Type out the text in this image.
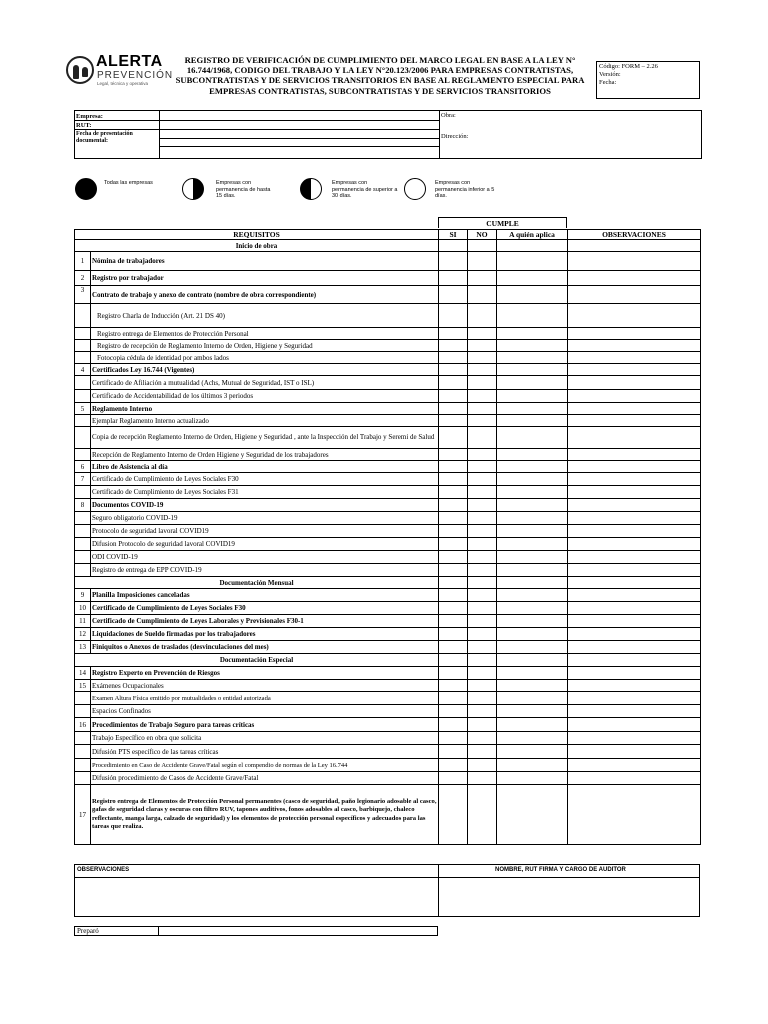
ALERTA
PREVENCIÓN
Legal, técnica y operativa
REGISTRO DE VERIFICACIÓN DE CUMPLIMIENTO DEL MARCO LEGAL EN BASE A LA LEY N° 16.744/1968, CODIGO DEL TRABAJO Y LA LEY N°20.123/2006 PARA EMPRESAS CONTRATISTAS, SUBCONTRATISTAS Y DE SERVICIOS TRANSITORIOS EN BASE AL REGLAMENTO ESPECIAL PARA EMPRESAS CONTRATISTAS, SUBCONTRATISTAS Y DE SERVICIOS TRANSITORIOS
Código: FORM – 2.26
Versión:
Fecha:
Empresa:
RUT:
Fecha de presentación documental:
Obra:
Dirección:
Todas las empresas	Empresas con permanencia de hasta 15 días.
Empresas con permanencia de superior a 30 días.
Empresas con permanencia inferior a 5 días.
CUMPLE
REQUISITOS		SI	NO	A quién aplica	OBSERVACIONES
Inicio de obra					
1	Nómina de trabajadores				
2	Registro por trabajador				
3	Contrato de trabajo y anexo de contrato (nombre de obra correspondiente)				
	Registro Charla de Inducción (Art. 21 DS 40)				
	Registro entrega de Elementos de Protección Personal				
	Registro de recepción de Reglamento Interno de Orden, Higiene y Seguridad				
	Fotocopia cédula de identidad por ambos lados				
4	Certificados Ley 16.744 (Vigentes)				
	Certificado de Afiliación a mutualidad (Achs, Mutual de Seguridad, IST o ISL)				
	Certificado de Accidentabilidad de los últimos 3 periodos				
5	Reglamento Interno				
	Ejemplar Reglamento Interno actualizado				
	Copia de recepción Reglamento Interno de Orden, Higiene y Seguridad , ante la Inspección del Trabajo y Seremi de Salud				
	Recepción de Reglamento Interno de Orden Higiene y Seguridad de los trabajadores				
6	Libro de Asistencia al día				
7	Certificado de Cumplimiento de Leyes Sociales F30				
	Certificado de Cumplimiento de Leyes Sociales F31				
8	Documentos COVID-19				
	Seguro obligatorio COVID-19				
	Protocolo de seguridad lavoral COVID19				
	Difusion Protocolo de seguridad lavoral COVID19				
	ODI COVID-19				
	Registro de entrega de EPP COVID-19				
Documentación Mensual					
9	Planilla Imposiciones canceladas				
10	Certificado de Cumplimiento de Leyes Sociales F30				
11	Certificado de Cumplimiento de Leyes Laborales y Previsionales F30-1				
12	Liquidaciones de Sueldo firmadas por los trabajadores				
13	Finiquitos o Anexos de traslados (desvinculaciones del mes)				
Documentación Especial					
14	Registro Experto en Prevención de Riesgos				
15	Exámenes Ocupacionales				
	Examen Altura Física emitido por mutualidades o entidad autorizada				
	Espacios Confinados				
16	Procedimientos de Trabajo Seguro para tareas críticas				
	Trabajo Específico en obra que solicita				
	Difusión PTS específico de las tareas críticas				
	Procedimiento en Caso de Accidente Grave/Fatal según el compendio de normas de la Ley 16.744				
	Difusión procedimiento de Casos de Accidente Grave/Fatal				
17	Registro entrega de Elementos de Protección Personal permanentes (casco de seguridad, paño legionario adosable al casco, gafas de seguridad claras y oscuras con filtro RUV, tapones auditivos, fonos adosables al casco, barbiquejo, chaleco reflectante, manga larga, calzado de seguridad) y los elementos de protección personal específicos y adecuados para las tareas que realiza.				
OBSERVACIONES	NOMBRE, RUT FIRMA Y CARGO DE AUDITOR
Preparó
